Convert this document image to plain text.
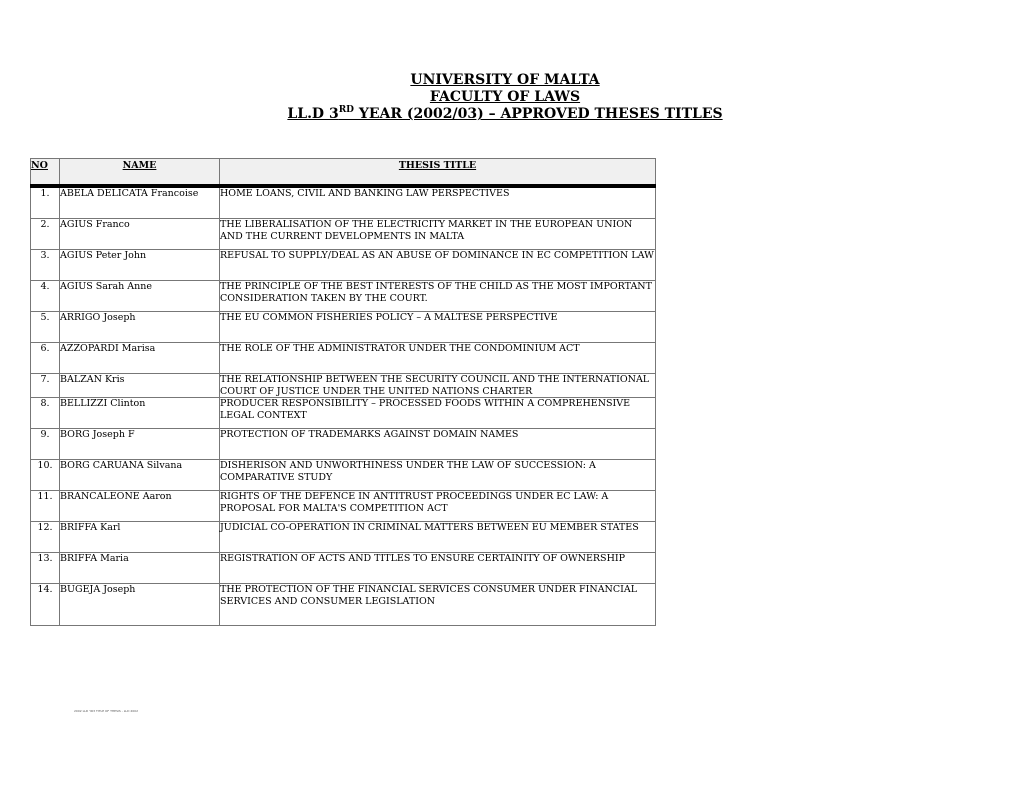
UNIVERSITY OF MALTA
FACULTY OF LAWS
LL.D 3RD YEAR (2002/03) – APPROVED THESES TITLES
NO	NAME	THESIS TITLE
1.	ABELA DELICATA Francoise	HOME LOANS, CIVIL AND BANKING LAW PERSPECTIVES
2.	AGIUS Franco	THE LIBERALISATION OF THE ELECTRICITY MARKET IN THE EUROPEAN UNION AND THE CURRENT DEVELOPMENTS IN MALTA
3.	AGIUS Peter John	REFUSAL TO SUPPLY/DEAL AS AN ABUSE OF DOMINANCE IN EC COMPETITION LAW
4.	AGIUS Sarah Anne	THE PRINCIPLE OF THE BEST INTERESTS OF THE CHILD AS THE MOST IMPORTANT CONSIDERATION TAKEN BY THE COURT.
5.	ARRIGO Joseph	THE EU COMMON FISHERIES POLICY – A MALTESE PERSPECTIVE
6.	AZZOPARDI Marisa	THE ROLE OF THE ADMINISTRATOR UNDER THE CONDOMINIUM ACT
7.	BALZAN Kris	THE RELATIONSHIP BETWEEN THE SECURITY COUNCIL AND THE INTERNATIONAL COURT OF JUSTICE UNDER THE UNITED NATIONS CHARTER
8.	BELLIZZI Clinton	PRODUCER RESPONSIBILITY – PROCESSED FOODS WITHIN A COMPREHENSIVE LEGAL CONTEXT
9.	BORG Joseph F	PROTECTION OF TRADEMARKS AGAINST DOMAIN NAMES
10.	BORG CARUANA Silvana	DISHERISON AND UNWORTHINESS UNDER THE LAW OF SUCCESSION: A COMPARATIVE STUDY
11.	BRANCALEONE Aaron	RIGHTS OF THE DEFENCE IN ANTITRUST PROCEEDINGS UNDER EC LAW: A PROPOSAL FOR MALTA'S COMPETITION ACT
12.	BRIFFA Karl	JUDICIAL CO-OPERATION IN CRIMINAL MATTERS BETWEEN EU MEMBER STATES
13.	BRIFFA Maria	REGISTRATION OF ACTS AND TITLES TO ENSURE CERTAINITY OF OWNERSHIP
14.	BUGEJA Joseph	THE PROTECTION OF THE FINANCIAL SERVICES CONSUMER UNDER FINANCIAL SERVICES AND CONSUMER LEGISLATION
2002 LLD YR3 TITLE OF THESIS - LLD 2002
